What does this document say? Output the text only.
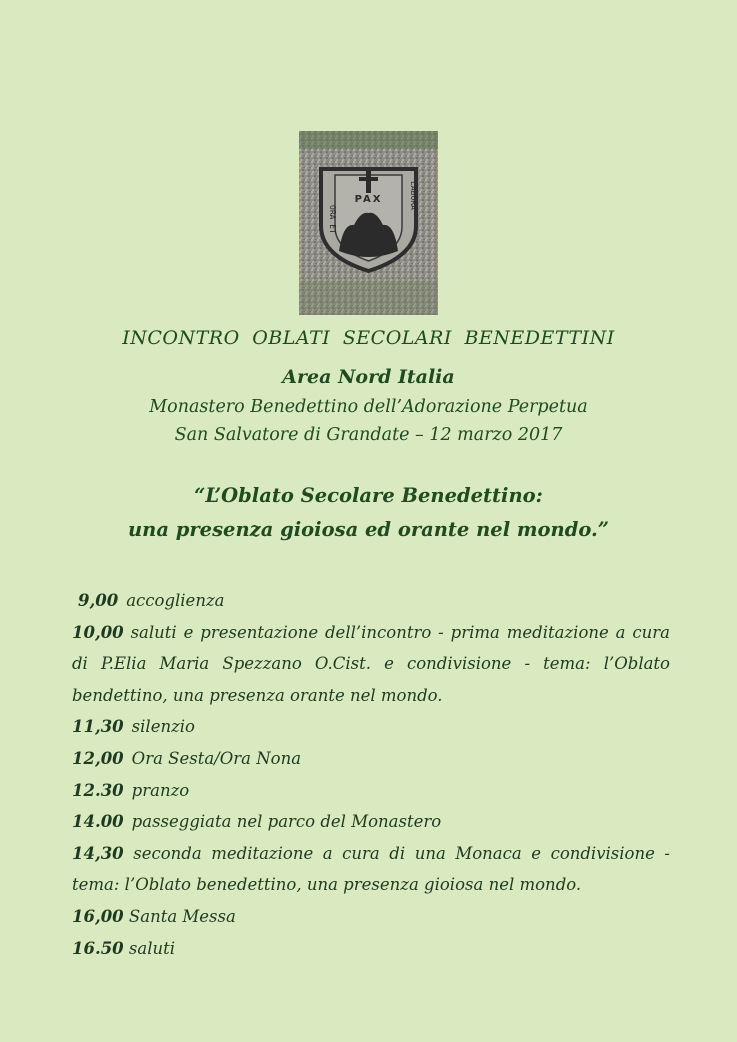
ORA ET
LABORA
PAX
INCONTRO OBLATI SECOLARI BENEDETTINI
Area Nord Italia
Monastero Benedettino dell’Adorazione Perpetua
San Salvatore di Grandate – 12 marzo 2017
“L’Oblato Secolare Benedettino:
una presenza gioiosa ed orante nel mondo.”
9,00 accoglienza
10,00 saluti e presentazione dell’incontro - prima meditazione a cura di P.Elia Maria Spezzano O.Cist. e condivisione - tema: l’Oblato bendettino, una presenza orante nel mondo.
11,30 silenzio
12,00 Ora Sesta/Ora Nona
12.30 pranzo
14.00 passeggiata nel parco del Monastero
14,30 seconda meditazione a cura di una Monaca e condivisione - tema: l’Oblato benedettino, una presenza gioiosa nel mondo.
16,00 Santa Messa
16.50 saluti
